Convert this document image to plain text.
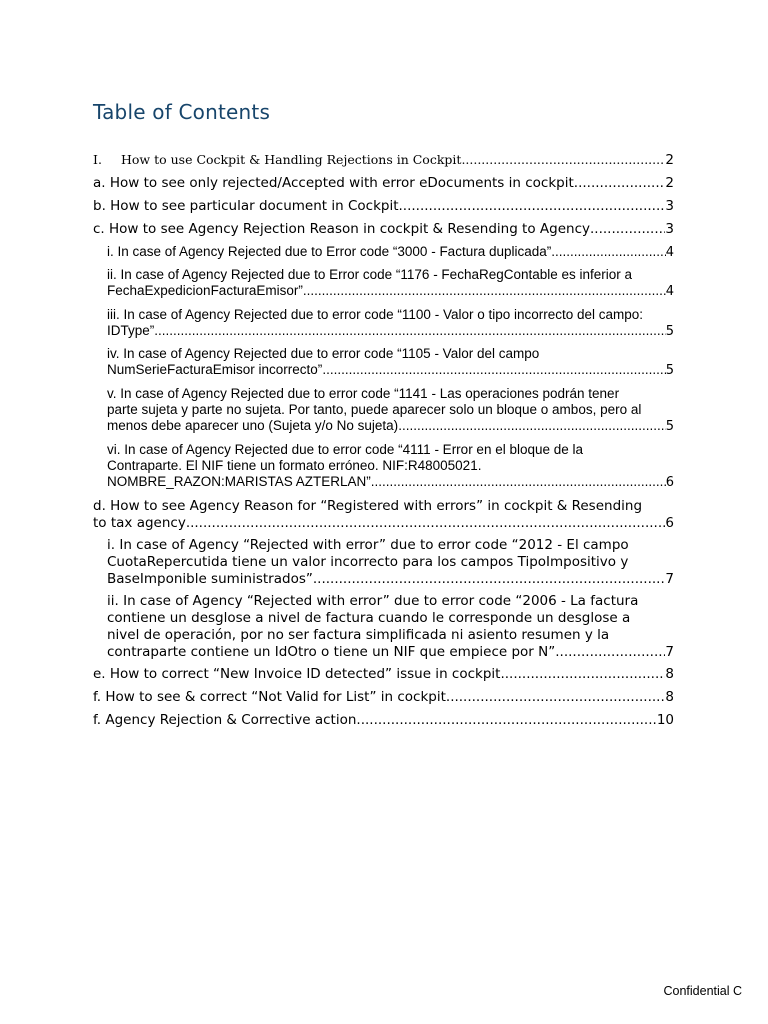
Table of Contents
I. How to use Cockpit & Handling Rejections in Cockpit .....	2
a. How to see only rejected/Accepted with error eDocuments in cockpit .....	2
b. How to see particular document in Cockpit .....	3
c. How to see Agency Rejection Reason in cockpit & Resending to Agency .....	3
i. In case of Agency Rejected due to Error code “3000 - Factura duplicada”. .....	4
ii. In case of Agency Rejected due to Error code “1176 - FechaRegContable es inferior a
FechaExpedicionFacturaEmisor” .....	4
iii. In case of Agency Rejected due to error code “1100 - Valor o tipo incorrecto del campo:
IDType” .....	5
iv. In case of Agency Rejected due to error code “1105 - Valor del campo
NumSerieFacturaEmisor incorrecto” .....	5
v. In case of Agency Rejected due to error code “1141 - Las operaciones podrán tener
parte sujeta y parte no sujeta. Por tanto, puede aparecer solo un bloque o ambos, pero al
menos debe aparecer uno (Sujeta y/o No sujeta) .....	5
vi. In case of Agency Rejected due to error code “4111 - Error en el bloque de la
Contraparte. El NIF tiene un formato erróneo. NIF:R48005021.
NOMBRE_RAZON:MARISTAS AZTERLAN” .....	6
d. How to see Agency Reason for “Registered with errors” in cockpit & Resending
to tax agency .....	6
i. In case of Agency “Rejected with error” due to error code “2012 - El campo
CuotaRepercutida tiene un valor incorrecto para los campos TipoImpositivo y
BaseImponible suministrados” .....	7
ii. In case of Agency “Rejected with error” due to error code “2006 - La factura
contiene un desglose a nivel de factura cuando le corresponde un desglose a
nivel de operación, por no ser factura simplificada ni asiento resumen y la
contraparte contiene un IdOtro o tiene un NIF que empiece por N” .....	7
e. How to correct “New Invoice ID detected” issue in cockpit .....	8
f. How to see & correct “Not Valid for List” in cockpit. .....	8
f. Agency Rejection & Corrective action .....	10
Confidential C
